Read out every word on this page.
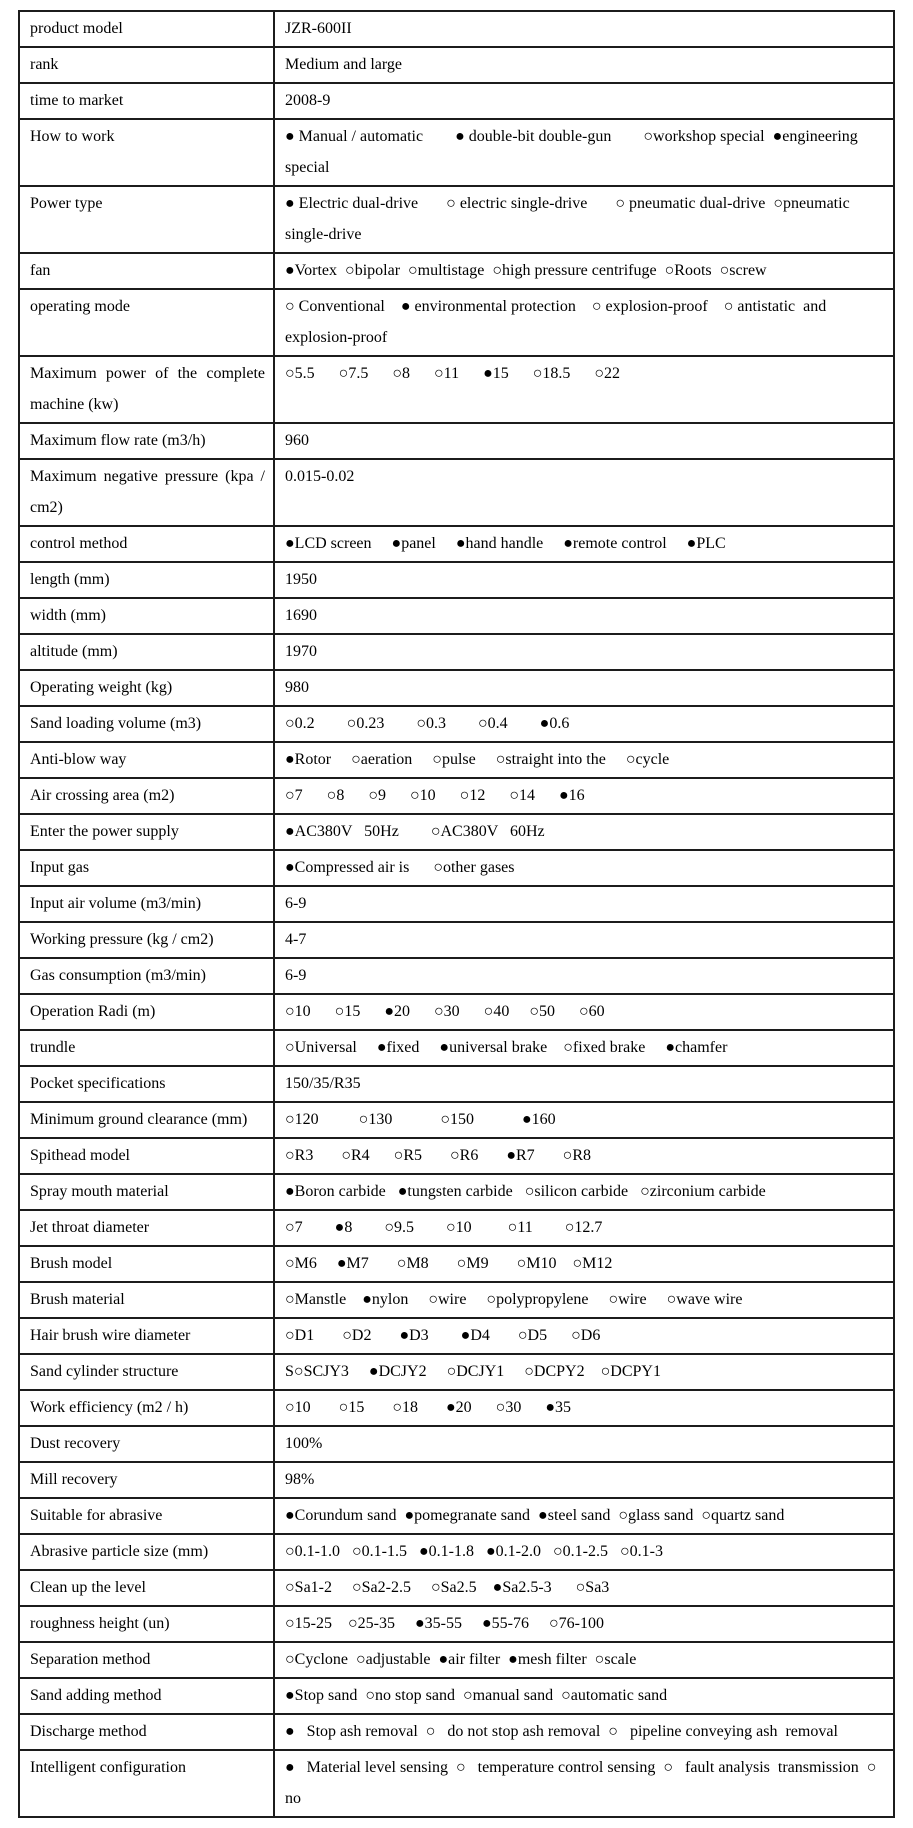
product model	JZR-600II
rank	Medium and large
time to market	2008-9
How to work	● Manual / automatic        ● double-bit double-gun        ○workshop special  ●engineering special
Power type	● Electric dual-drive       ○ electric single-drive       ○ pneumatic dual-drive  ○pneumatic single-drive
fan	●Vortex  ○bipolar  ○multistage  ○high pressure centrifuge  ○Roots  ○screw
operating mode	○ Conventional    ● environmental protection    ○ explosion-proof    ○ antistatic  and explosion-proof
Maximum power of the complete machine (kw)	○5.5      ○7.5      ○8      ○11      ●15      ○18.5      ○22
Maximum flow rate (m3/h)	960
Maximum negative pressure (kpa / cm2)	0.015-0.02
control method	●LCD screen     ●panel     ●hand handle     ●remote control     ●PLC
length (mm)	1950
width (mm)	1690
altitude (mm)	1970
Operating weight (kg)	980
Sand loading volume (m3)	○0.2        ○0.23        ○0.3        ○0.4        ●0.6
Anti-blow way	●Rotor     ○aeration     ○pulse     ○straight into the     ○cycle
Air crossing area (m2)	○7      ○8      ○9      ○10      ○12      ○14      ●16
Enter the power supply	●AC380V   50Hz        ○AC380V   60Hz
Input gas	●Compressed air is      ○other gases
Input air volume (m3/min)	6-9
Working pressure (kg / cm2)	4-7
Gas consumption (m3/min)	6-9
Operation Radi (m)	○10      ○15      ●20      ○30      ○40     ○50      ○60
trundle	○Universal     ●fixed     ●universal brake    ○fixed brake     ●chamfer
Pocket specifications	150/35/R35
Minimum ground clearance (mm)	○120          ○130            ○150            ●160
Spithead model	○R3       ○R4      ○R5       ○R6       ●R7       ○R8
Spray mouth material	●Boron carbide   ●tungsten carbide   ○silicon carbide   ○zirconium carbide
Jet throat diameter	○7        ●8        ○9.5        ○10         ○11        ○12.7
Brush model	○M6     ●M7       ○M8       ○M9       ○M10    ○M12
Brush material	○Manstle    ●nylon     ○wire     ○polypropylene     ○wire     ○wave wire
Hair brush wire diameter	○D1       ○D2       ●D3        ●D4       ○D5      ○D6
Sand cylinder structure	S○SCJY3     ●DCJY2     ○DCJY1     ○DCPY2    ○DCPY1
Work efficiency (m2 / h)	○10       ○15       ○18       ●20      ○30      ●35
Dust recovery	100%
Mill recovery	98%
Suitable for abrasive	●Corundum sand  ●pomegranate sand  ●steel sand  ○glass sand  ○quartz sand
Abrasive particle size (mm)	○0.1-1.0   ○0.1-1.5   ●0.1-1.8   ●0.1-2.0   ○0.1-2.5   ○0.1-3
Clean up the level	○Sa1-2     ○Sa2-2.5     ○Sa2.5    ●Sa2.5-3      ○Sa3
roughness height (un)	○15-25    ○25-35     ●35-55     ●55-76     ○76-100
Separation method	○Cyclone  ○adjustable  ●air filter  ●mesh filter  ○scale
Sand adding method	●Stop sand  ○no stop sand  ○manual sand  ○automatic sand
Discharge method	●   Stop ash removal  ○   do not stop ash removal  ○   pipeline conveying ash  removal
Intelligent configuration	●   Material level sensing  ○   temperature control sensing  ○   fault analysis  transmission  ○  no
